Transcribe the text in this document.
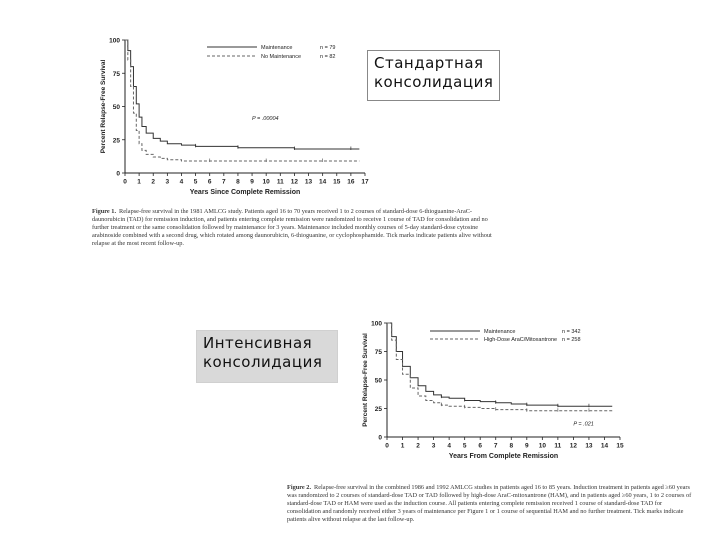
0
25
50
75
100
0 1 2 3 4 5 6 7 8 9 10 11 12 13 14 15 16 17
Years Since Complete Remission
Percent Relapse-Free Survival
Maintenance	n = 79
No Maintenance	n = 82
P = .00004
Figure 1. Relapse-free survival in the 1981 AMLCG study. Patients aged 16 to 70 years received 1 to 2 courses of standard-dose 6-thioguanine-AraC-daunorubicin (TAD) for remission induction, and patients entering complete remission were randomized to receive 1 course of TAD for consolidation and no further treatment or the same consolidation followed by maintenance for 3 years. Maintenance included monthly courses of 5-day standard-dose cytosine arabinoside combined with a second drug, which rotated among daunorubicin, 6-thioguanine, or cyclophosphamide. Tick marks indicate patients alive without relapse at the most recent follow-up.
0
25
50
75
100
0 1 2 3 4 5 6 7 8 9 10 11 12 13 14 15
Years From Complete Remission
Percent Relapse-Free Survival
Maintenance	n = 342
High-Dose AraC/Mitoxantrone n = 258
P = .021
Figure 2. Relapse-free survival in the combined 1986 and 1992 AMLCG studies in patients aged 16 to 85 years. Induction treatment in patients aged ≥60 years was randomized to 2 courses of standard-dose TAD or TAD followed by high-dose AraC-mitoxantrone (HAM), and in patients aged ≥60 years, 1 to 2 courses of standard-dose TAD or HAM were used as the induction course. All patients entering complete remission received 1 course of standard-dose TAD for consolidation and randomly received either 3 years of maintenance per Figure 1 or 1 course of sequential HAM and no further treatment. Tick marks indicate patients alive without relapse at the last follow-up.
Стандартная
консолидация
Интенсивная
консолидация
